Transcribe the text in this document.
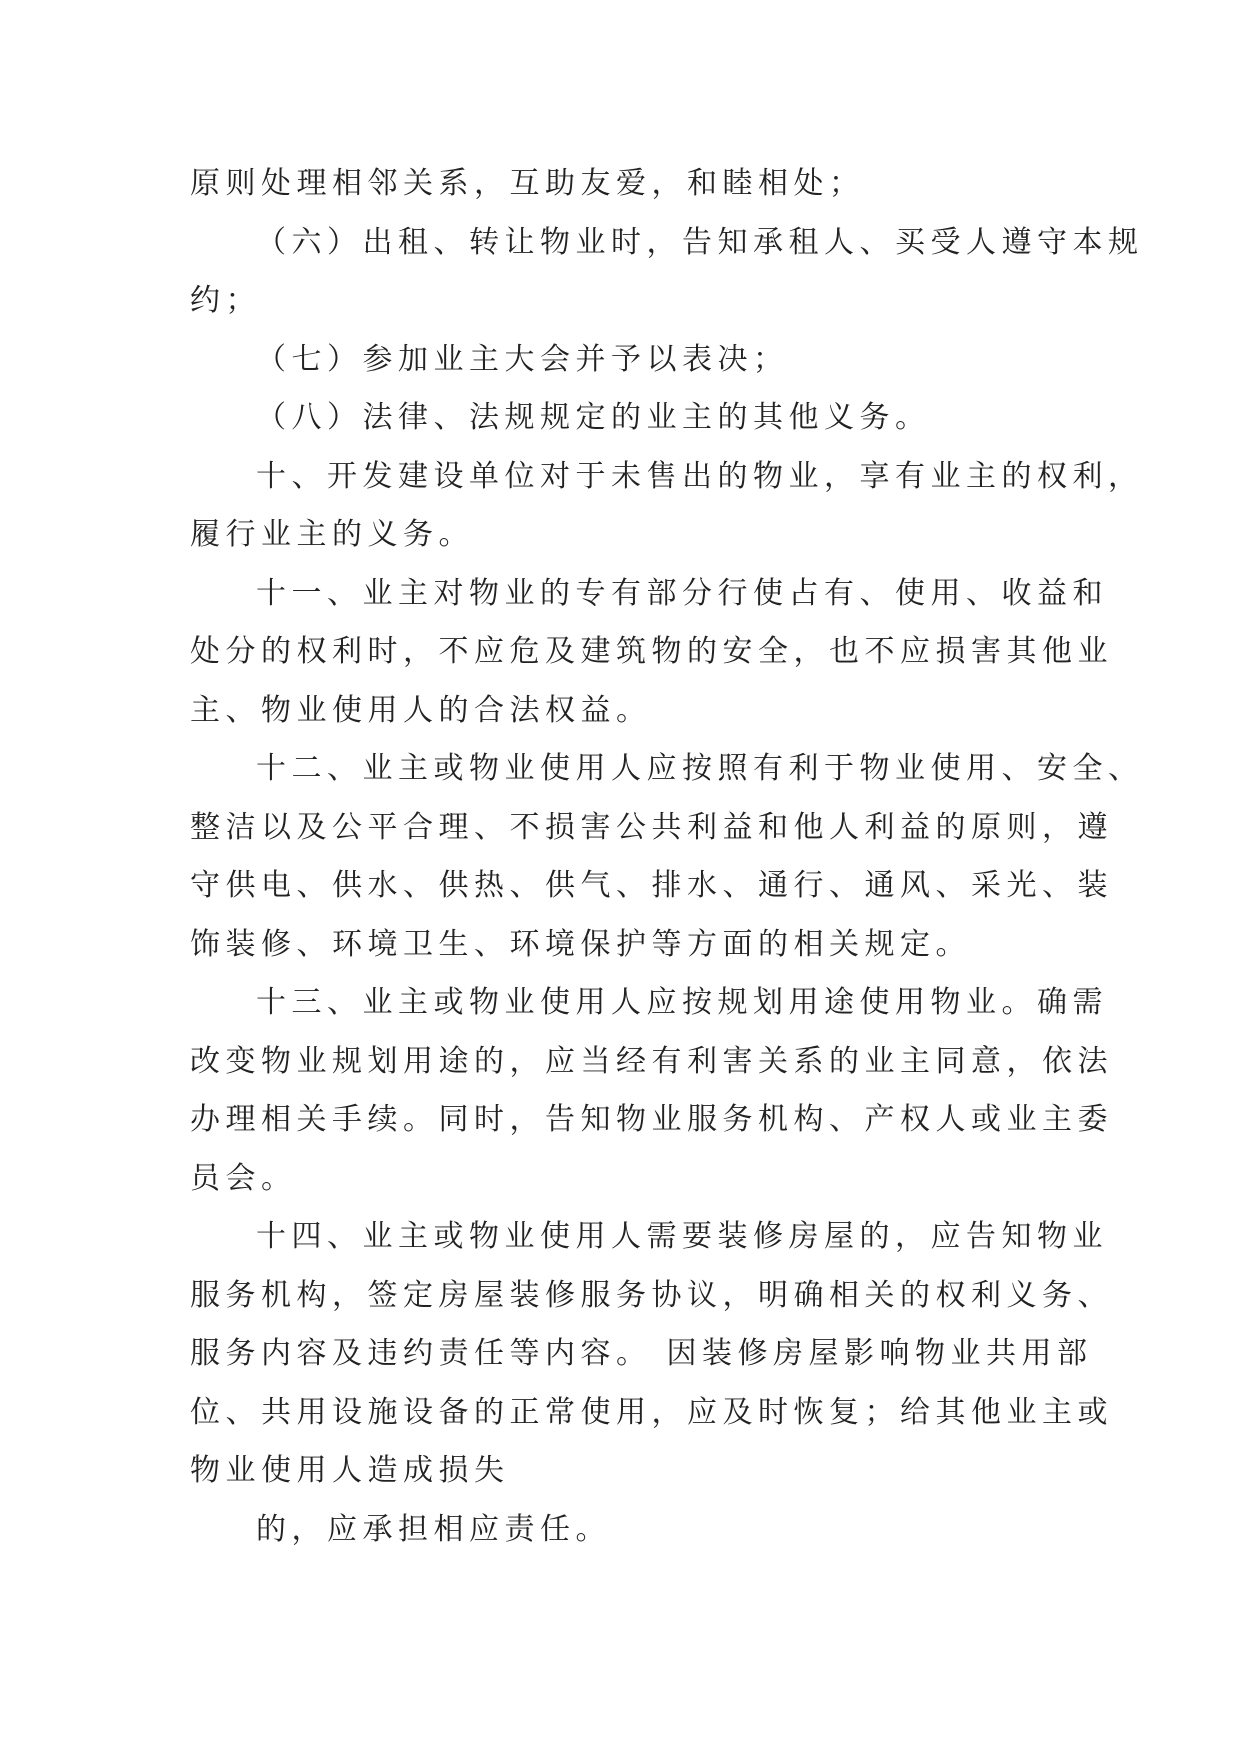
原则处理相邻关系，互助友爱，和睦相处；
（六）出租、转让物业时，告知承租人、买受人遵守本规
约；
（七）参加业主大会并予以表决；
（八）法律、法规规定的业主的其他义务。
十、开发建设单位对于未售出的物业，享有业主的权利，
履行业主的义务。
十一、业主对物业的专有部分行使占有、使用、收益和
处分的权利时，不应危及建筑物的安全，也不应损害其他业
主、物业使用人的合法权益。
十二、业主或物业使用人应按照有利于物业使用、安全、
整洁以及公平合理、不损害公共利益和他人利益的原则，遵
守供电、供水、供热、供气、排水、通行、通风、采光、装
饰装修、环境卫生、环境保护等方面的相关规定。
十三、业主或物业使用人应按规划用途使用物业。确需
改变物业规划用途的，应当经有利害关系的业主同意，依法
办理相关手续。同时，告知物业服务机构、产权人或业主委
员会。
十四、业主或物业使用人需要装修房屋的，应告知物业
服务机构，签定房屋装修服务协议，明确相关的权利义务、
服务内容及违约责任等内容。 因装修房屋影响物业共用部
位、共用设施设备的正常使用，应及时恢复；给其他业主或
物业使用人造成损失
的，应承担相应责任。
